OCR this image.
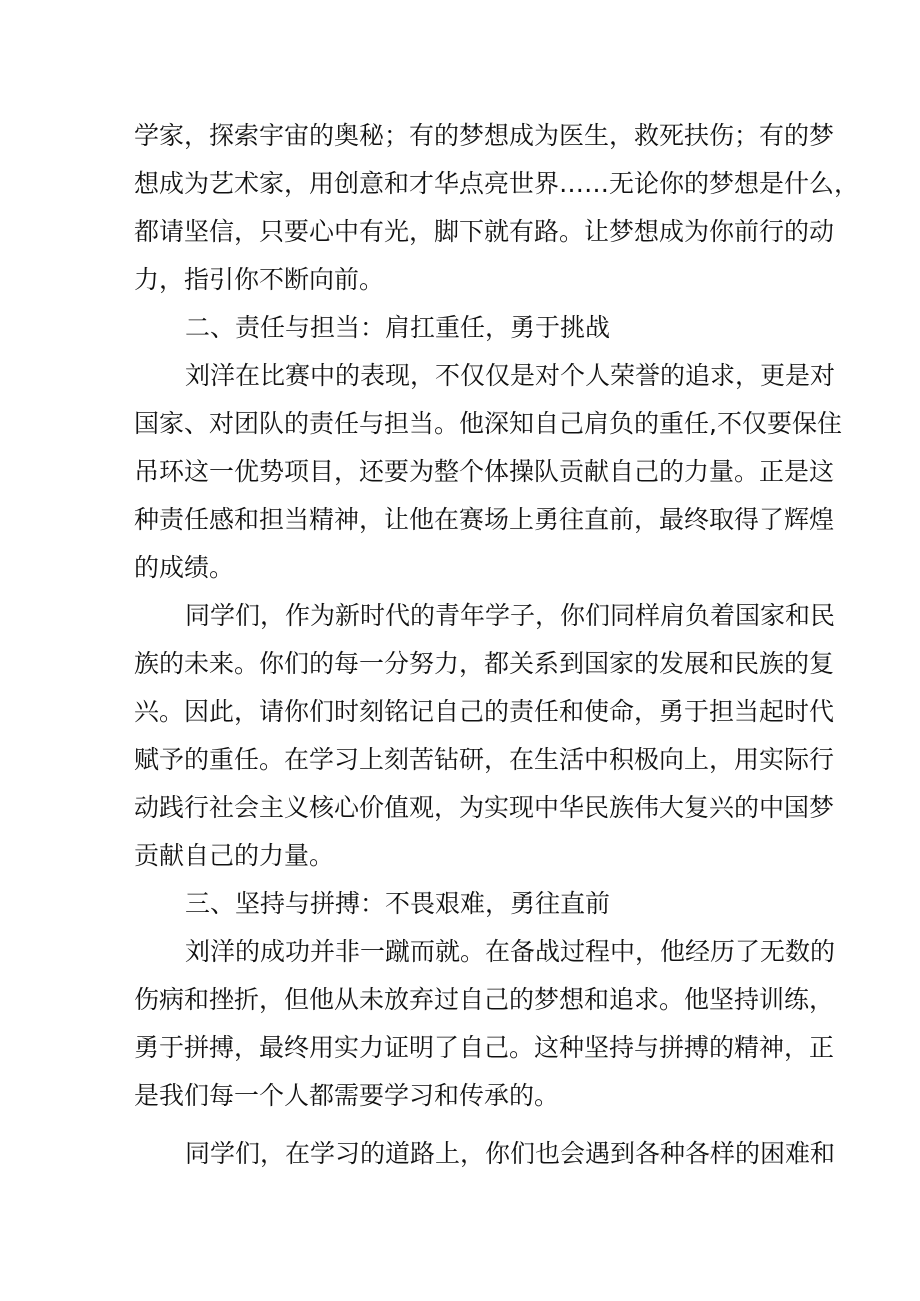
学家，探索宇宙的奥秘；有的梦想成为医生，救死扶伤；有的梦
想成为艺术家，用创意和才华点亮世界……无论你的梦想是什么，
都请坚信，只要心中有光，脚下就有路。让梦想成为你前行的动
力，指引你不断向前。
二、责任与担当：肩扛重任，勇于挑战
刘洋在比赛中的表现，不仅仅是对个人荣誉的追求，更是对
国家、对团队的责任与担当。他深知自己肩负的重任,不仅要保住
吊环这一优势项目，还要为整个体操队贡献自己的力量。正是这
种责任感和担当精神，让他在赛场上勇往直前，最终取得了辉煌
的成绩。
同学们，作为新时代的青年学子，你们同样肩负着国家和民
族的未来。你们的每一分努力，都关系到国家的发展和民族的复
兴。因此，请你们时刻铭记自己的责任和使命，勇于担当起时代
赋予的重任。在学习上刻苦钻研，在生活中积极向上，用实际行
动践行社会主义核心价值观，为实现中华民族伟大复兴的中国梦
贡献自己的力量。
三、坚持与拼搏：不畏艰难，勇往直前
刘洋的成功并非一蹴而就。在备战过程中，他经历了无数的
伤病和挫折，但他从未放弃过自己的梦想和追求。他坚持训练，
勇于拼搏，最终用实力证明了自己。这种坚持与拼搏的精神，正
是我们每一个人都需要学习和传承的。
同学们，在学习的道路上，你们也会遇到各种各样的困难和
